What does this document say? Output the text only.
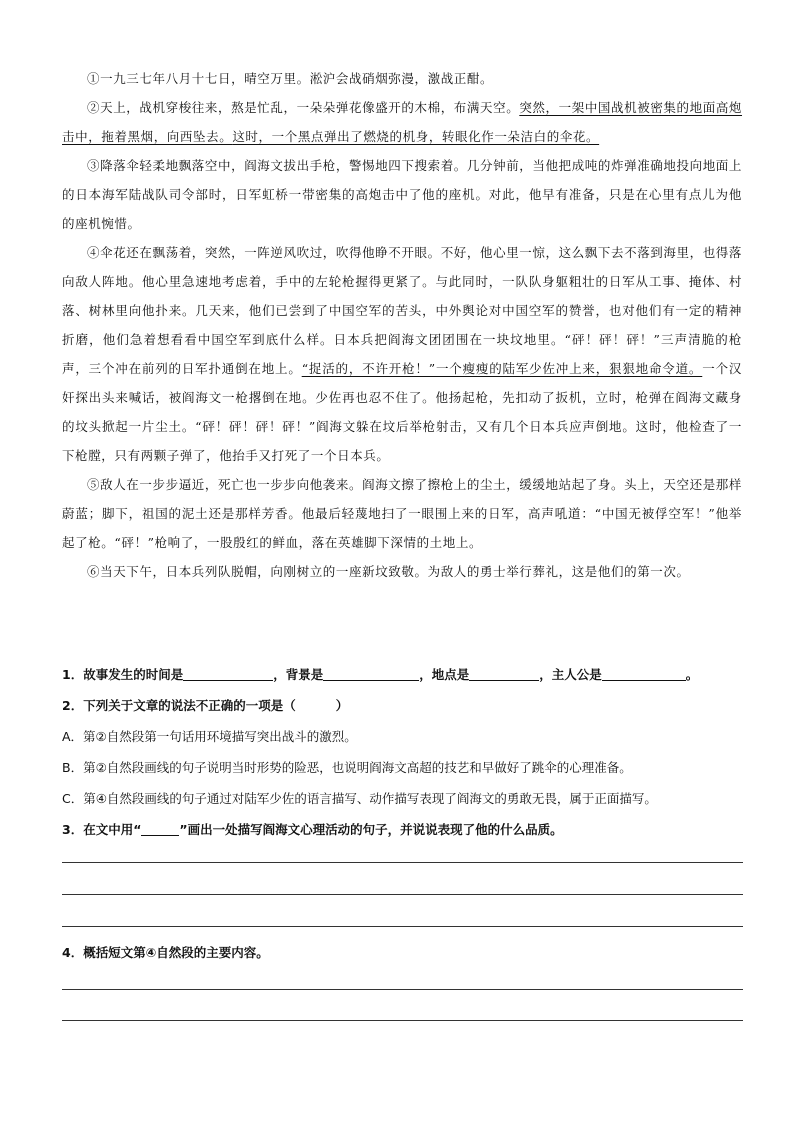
①一九三七年八月十七日，晴空万里。淞沪会战硝烟弥漫，激战正酣。

②天上，战机穿梭往来，熬是忙乱，一朵朵弹花像盛开的木棉，布满天空。突然，一架中国战机被密集的地面高炮击中，拖着黑烟，向西坠去。这时，一个黑点弹出了燃烧的机身，转眼化作一朵洁白的伞花。

③降落伞轻柔地飘落空中，阎海文拔出手枪，警惕地四下搜索着。几分钟前，当他把成吨的炸弹准确地投向地面上的日本海军陆战队司令部时，日军虹桥一带密集的高炮击中了他的座机。对此，他早有准备，只是在心里有点儿为他的座机惋惜。

④伞花还在飘荡着，突然，一阵逆风吹过，吹得他睁不开眼。不好，他心里一惊，这么飘下去不落到海里，也得落向敌人阵地。他心里急速地考虑着，手中的左轮枪握得更紧了。与此同时，一队队身躯粗壮的日军从工事、掩体、村落、树林里向他扑来。几天来，他们已尝到了中国空军的苦头，中外舆论对中国空军的赞誉，也对他们有一定的精神折磨，他们急着想看看中国空军到底什么样。日本兵把阎海文团团围在一块坟地里。“砰！砰！砰！”三声清脆的枪声，三个冲在前列的日军扑通倒在地上。“捉活的，不许开枪！”一个瘦瘦的陆军少佐冲上来，狠狠地命令道。一个汉奸探出头来喊话，被阎海文一枪撂倒在地。少佐再也忍不住了。他扬起枪，先扣动了扳机，立时，枪弹在阎海文藏身的坟头掀起一片尘土。“砰！砰！砰！砰！”阎海文躲在坟后举枪射击，又有几个日本兵应声倒地。这时，他检查了一下枪膛，只有两颗子弹了，他抬手又打死了一个日本兵。

⑤敌人在一步步逼近，死亡也一步步向他袭来。阎海文擦了擦枪上的尘土，缓缓地站起了身。头上，天空还是那样蔚蓝；脚下，祖国的泥土还是那样芳香。他最后轻蔑地扫了一眼围上来的日军，高声吼道：“中国无被俘空军！”他举起了枪。“砰！”枪响了，一股殷红的鲜血，落在英雄脚下深情的土地上。

⑥当天下午，日本兵列队脱帽，向刚树立的一座新坟致敬。为敌人的勇士举行葬礼，这是他们的第一次。

1．故事发生的时间是	，背景是	，地点是	，主人公是	。

2．下列关于文章的说法不正确的一项是（	）

A．第②自然段第一句话用环境描写突出战斗的激烈。

B．第②自然段画线的句子说明当时形势的险恶，也说明阎海文高超的技艺和早做好了跳伞的心理准备。

C．第④自然段画线的句子通过对陆军少佐的语言描写、动作描写表现了阎海文的勇敢无畏，属于正面描写。

3．在文中用“	”画出一处描写阎海文心理活动的句子，并说说表现了他的什么品质。

4．概括短文第④自然段的主要内容。
